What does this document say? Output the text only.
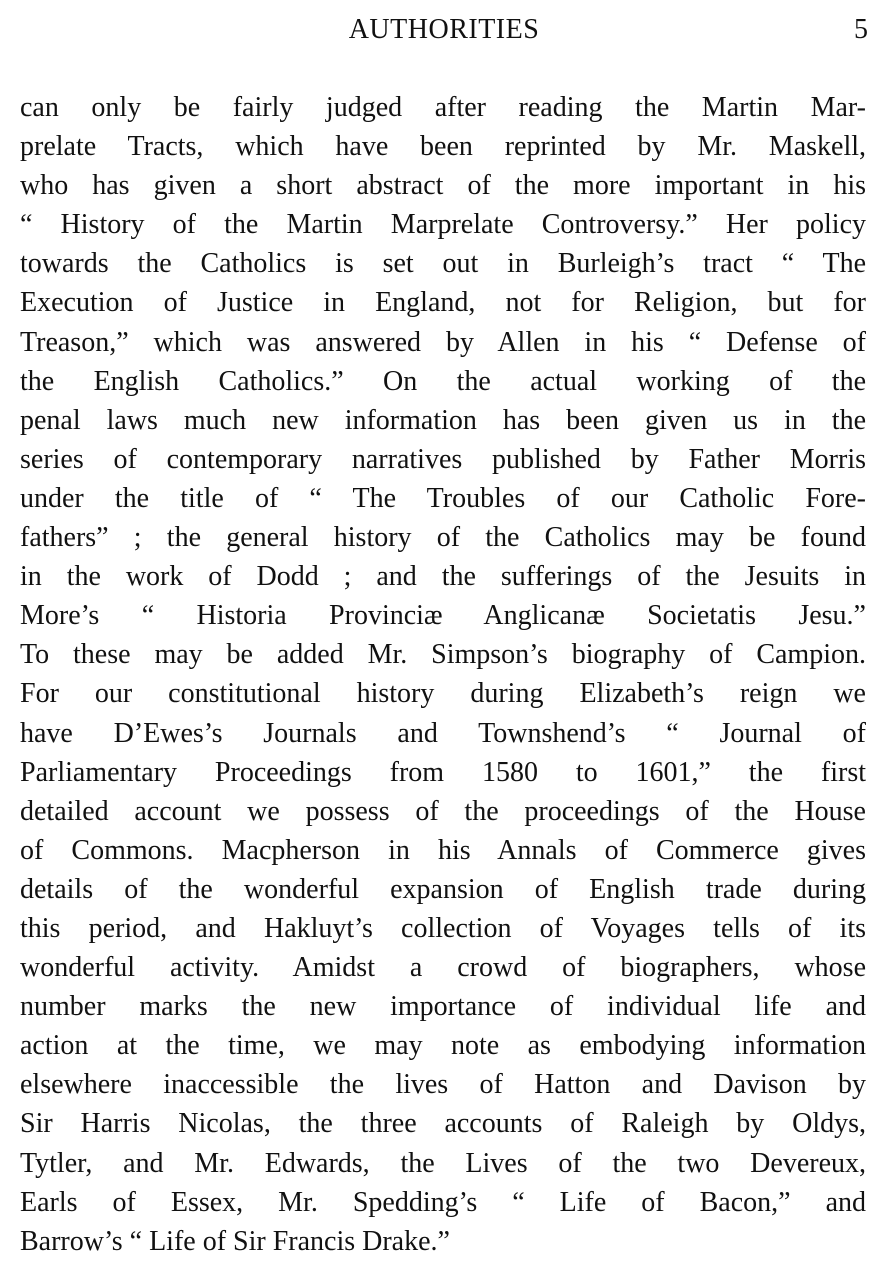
AUTHORITIES	5
can only be fairly judged after reading the Martin Mar-
prelate Tracts, which have been reprinted by Mr. Maskell,
who has given a short abstract of the more important in his
“ History of the Martin Marprelate Controversy.” Her policy
towards the Catholics is set out in Burleigh’s tract “ The
Execution of Justice in England, not for Religion, but for
Treason,” which was answered by Allen in his “ Defense of
the English Catholics.” On the actual working of the
penal laws much new information has been given us in the
series of contemporary narratives published by Father Morris
under the title of “ The Troubles of our Catholic Fore-
fathers” ; the general history of the Catholics may be found
in the work of Dodd ; and the sufferings of the Jesuits in
More’s “ Historia Provinciæ Anglicanæ Societatis Jesu.”
To these may be added Mr. Simpson’s biography of Campion.
For our constitutional history during Elizabeth’s reign we
have D’Ewes’s Journals and Townshend’s “ Journal of
Parliamentary Proceedings from 1580 to 1601,” the first
detailed account we possess of the proceedings of the House
of Commons. Macpherson in his Annals of Commerce gives
details of the wonderful expansion of English trade during
this period, and Hakluyt’s collection of Voyages tells of its
wonderful activity. Amidst a crowd of biographers, whose
number marks the new importance of individual life and
action at the time, we may note as embodying information
elsewhere inaccessible the lives of Hatton and Davison by
Sir Harris Nicolas, the three accounts of Raleigh by Oldys,
Tytler, and Mr. Edwards, the Lives of the two Devereux,
Earls of Essex, Mr. Spedding’s “ Life of Bacon,” and
Barrow’s “ Life of Sir Francis Drake.”
